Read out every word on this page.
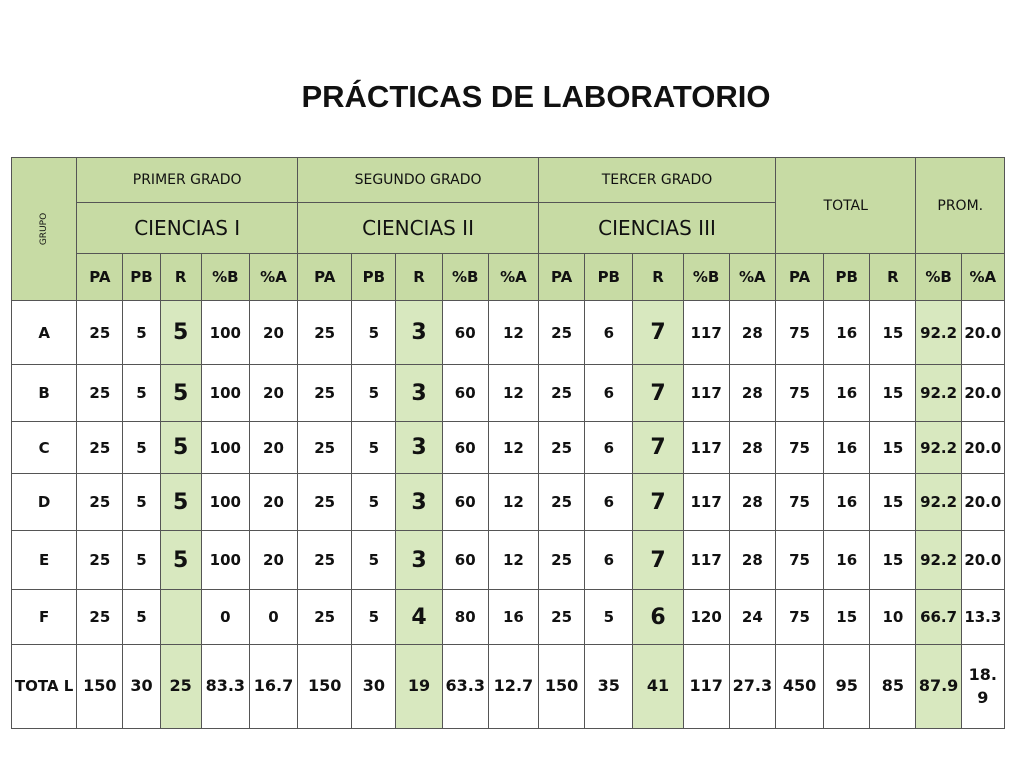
PRÁCTICAS DE LABORATORIO
GRUPO	PRIMER GRADO					SEGUNDO GRADO					TERCER GRADO					TOTAL			PROM.	
	CIENCIAS I					CIENCIAS II					CIENCIAS III									
	PA	PB	R	%B	%A	PA	PB	R	%B	%A	PA	PB	R	%B	%A	PA	PB	R	%B	%A
A	25	5	5	100	20	25	5	3	60	12	25	6	7	117	28	75	16	15	92.2	20.0
B	25	5	5	100	20	25	5	3	60	12	25	6	7	117	28	75	16	15	92.2	20.0
C	25	5	5	100	20	25	5	3	60	12	25	6	7	117	28	75	16	15	92.2	20.0
D	25	5	5	100	20	25	5	3	60	12	25	6	7	117	28	75	16	15	92.2	20.0
E	25	5	5	100	20	25	5	3	60	12	25	6	7	117	28	75	16	15	92.2	20.0
F	25	5		0	0	25	5	4	80	16	25	5	6	120	24	75	15	10	66.7	13.3
TOTA L	150	30	25	83.3	16.7	150	30	19	63.3	12.7	150	35	41	117	27.3	450	95	85	87.9	18. 9
